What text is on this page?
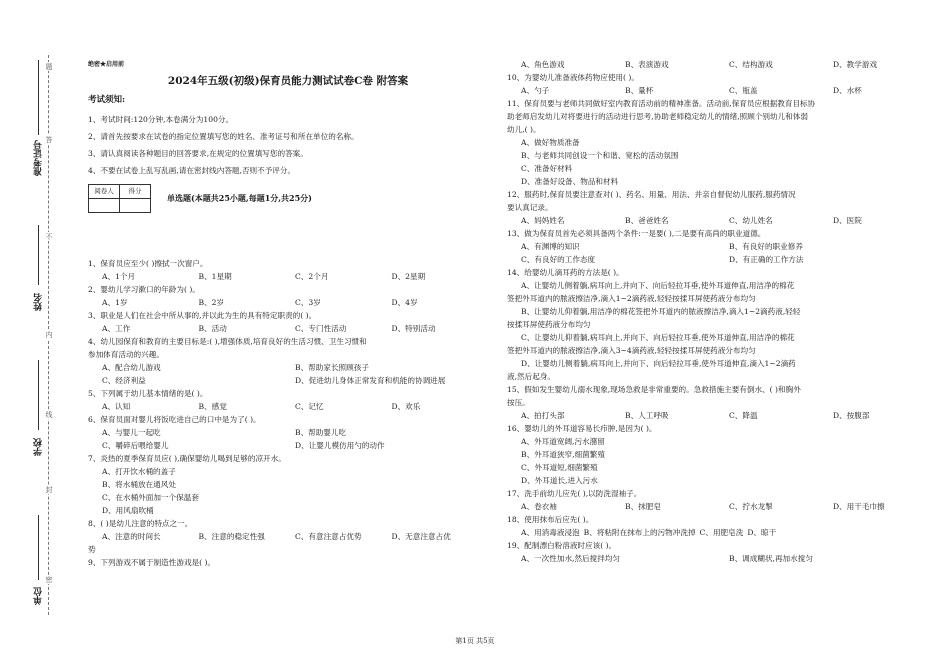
题
答
不
内
线
封
密
准考证号
姓名
学校
单位
绝密★启用前
2024年五级(初级)保育员能力测试试卷C卷 附答案
考试须知:
1、考试时间:120分钟,本卷满分为100分。
2、请首先按要求在试卷的指定位置填写您的姓名、准考证号和所在单位的名称。
3、请认真阅读各种题目的回答要求,在规定的位置填写您的答案。
4、不要在试卷上乱写乱画,请在密封线内答题,否则不予评分。
阅卷人	得分

单选题(本题共25小题,每题1分,共25分)
1、保育员应至少( )擦拭一次窗户。
A、1个月	B、1星期	C、2个月	D、2星期
2、婴幼儿学习漱口的年龄为( )。
A、1岁	B、2岁	C、3岁	D、4岁
3、职业是人们在社会中所从事的,并以此为生的具有特定职责的( )。
A、工作	B、活动	C、专门性活动	D、特别活动
4、幼儿园保育和教育的主要目标是:( ),增强体质,培育良好的生活习惯、卫生习惯和
参加体育活动的兴趣。
A、配合幼儿游戏	B、帮助家长照顾孩子
C、经济利益	D、促进幼儿身体正常发育和机能的协调进展
5、下列属于幼儿基本情绪的是( )。
A、认知	B、感觉	C、记忆	D、欢乐
6、保育员面对婴儿将饭吃进自己的口中是为了( )。
A、与婴儿一起吃	B、帮助婴儿吃
C、嚼碎后喂给婴儿	D、让婴儿模仿用勺的动作
7、炎热的夏季保育员应( ),确保婴幼儿喝到足够的凉开水。
A、打开饮水桶的盖子
B、将水桶放在通风处
C、在水桶外面加一个保温套
D、用风扇吹桶
8、( )是幼儿注意的特点之一。
A、注意的时间长	B、注意的稳定性强	C、有意注意占优势	D、无意注意占优
势
9、下列游戏不属于制造性游戏是( )。
A、角色游戏	B、表演游戏	C、结构游戏	D、教学游戏
10、为婴幼儿准备液体药物应使用( )。
A、勺子	B、量杯	C、瓶盖	D、水杯
11、保育员要与老师共同做好室内教育活动前的精神准备。活动前,保育员应根据教育目标协
助老师启发幼儿对将要进行的活动进行思考,协助老师稳定幼儿的情绪,照顾个别幼儿和体弱
幼儿,( )。
A、做好物质准备
B、与老师共同创设一个和谐、宽松的活动氛围
C、准备好材料
D、准备好设备、物品和材料
12、服药时,保育员要注意查对( )、药名、用量、用法、并亲自督促幼儿服药,服药情况
要认真记录。
A、妈妈姓名	B、爸爸姓名	C、幼儿姓名	D、医院
13、做为保育员首先必须具备两个条件:一是要( ),二是要有高尚的职业道德。
A、有渊博的知识	B、有良好的职业修养
C、有良好的工作态度	D、有正确的工作方法
14、给婴幼儿滴耳药的方法是( )。
A、让婴幼儿侧着躺,病耳向上,并向下、向后轻拉耳垂,使外耳道伸直,用洁净的棉花
签把外耳道内的脓液擦洁净,滴入1~2滴药液,轻轻按揉耳屏使药液分布均匀
B、让婴幼儿仰着躺,用洁净的棉花签把外耳道内的脓液擦洁净,滴入1~2滴药液,轻轻
按揉耳屏使药液分布均匀
C、让婴幼儿仰着躺,病耳向上,并向下、向后轻拉耳垂,使外耳道伸直,用洁净的棉花
签把外耳道内的脓液擦洁净,滴入3~4滴药液,轻轻按揉耳屏使药液分布均匀
D、让婴幼儿侧着躺,病耳向上,并向下、向后轻拉耳垂,使外耳道伸直,滴入1~2滴药
液,然后起身。
15、假如发生婴幼儿溺水现象,现场急救是非常重要的。急救措施主要有倒水、( )和胸外
按压。
A、拍打头部	B、人工呼吸	C、降温	D、按腹部
16、婴幼儿的外耳道容易长疖肿,是因为( )。
A、外耳道宽阔,污水潴留
B、外耳道狭窄,细菌繁殖
C、外耳道短,细菌繁殖
D、外耳道长,进入污水
17、洗手前幼儿应先( ),以防洗湿袖子。
A、卷衣袖	B、抹肥皂	C、拧水龙掣	D、用干毛巾擦
18、使用抹布后应先( )。
A、用消毒液浸泡 B、将粘附在抹布上的污物冲洗掉 C、用肥皂洗 D、晾干
19、配制漂白粉溶液时应该( )。
A、一次性加水,然后搅拌均匀	B、调成糊状,再加水搅匀
第1页 共5页
